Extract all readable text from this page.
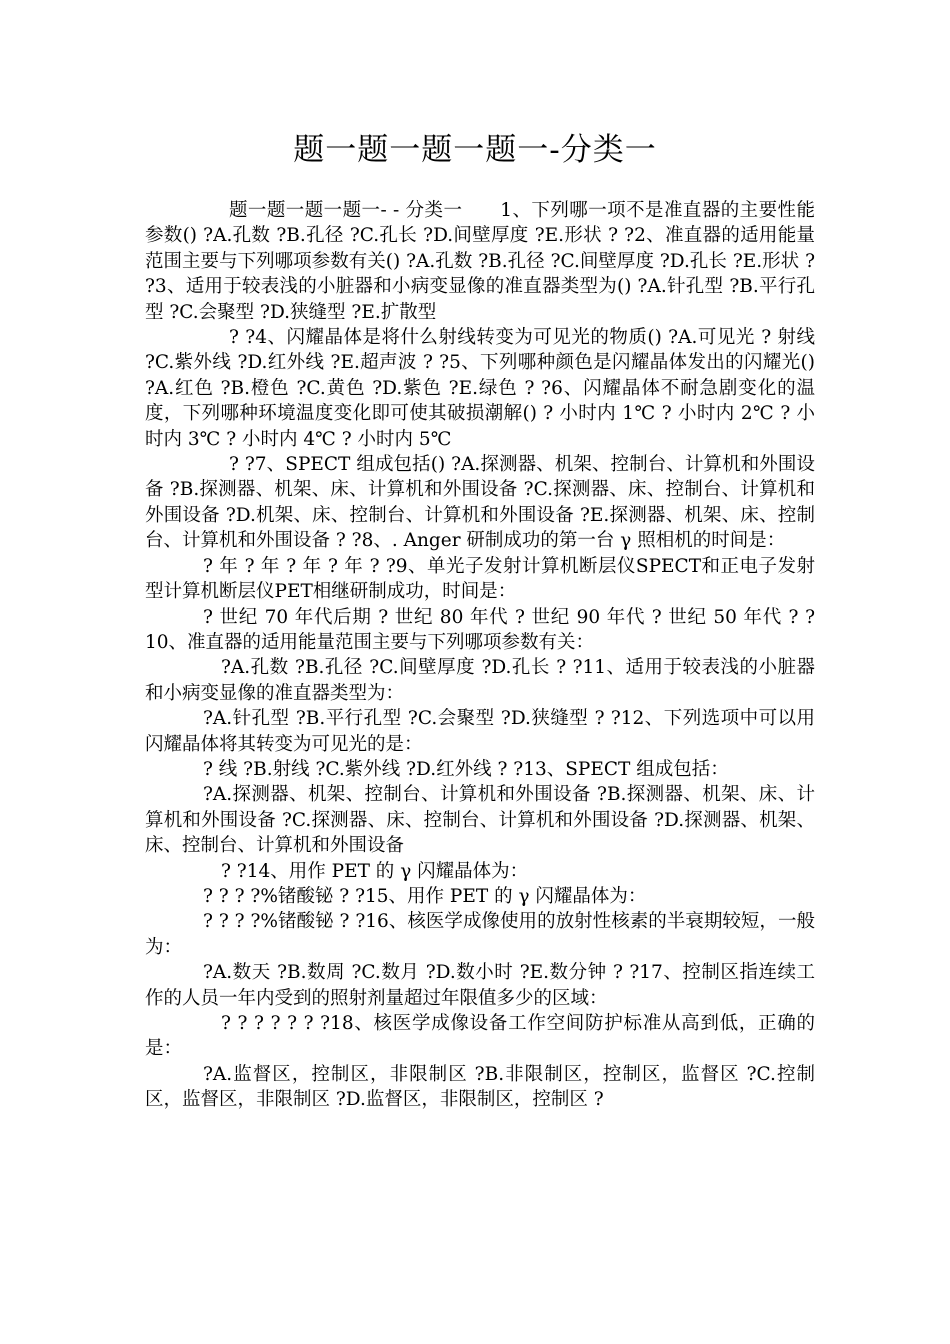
题一题一题一题一-分类一

题一题一题一题一- - 分类一　　1、下列哪一项不是准直器的主要性能参数() ?A.孔数 ?B.孔径 ?C.孔长 ?D.间壁厚度 ?E.形状 ? ?2、准直器的适用能量范围主要与下列哪项参数有关() ?A.孔数 ?B.孔径 ?C.间壁厚度 ?D.孔长 ?E.形状 ? ?3、适用于较表浅的小脏器和小病变显像的准直器类型为() ?A.针孔型 ?B.平行孔型 ?C.会聚型 ?D.狭缝型 ?E.扩散型

? ?4、闪耀晶体是将什么射线转变为可见光的物质() ?A.可见光 ? 射线 ?C.紫外线 ?D.红外线 ?E.超声波 ? ?5、下列哪种颜色是闪耀晶体发出的闪耀光() ?A.红色 ?B.橙色 ?C.黄色 ?D.紫色 ?E.绿色 ? ?6、闪耀晶体不耐急剧变化的温度，下列哪种环境温度变化即可使其破损潮解() ? 小时内 1℃ ? 小时内 2℃ ? 小时内 3℃ ? 小时内 4℃ ? 小时内 5℃

? ?7、SPECT 组成包括() ?A.探测器、机架、控制台、计算机和外围设备 ?B.探测器、机架、床、计算机和外围设备 ?C.探测器、床、控制台、计算机和外围设备 ?D.机架、床、控制台、计算机和外围设备 ?E.探测器、机架、床、控制台、计算机和外围设备 ? ?8、. Anger 研制成功的第一台 γ 照相机的时间是：

? 年 ? 年 ? 年 ? 年 ? ?9、单光子发射计算机断层仪SPECT和正电子发射型计算机断层仪PET相继研制成功，时间是：

? 世纪 70 年代后期 ? 世纪 80 年代 ? 世纪 90 年代 ? 世纪 50 年代 ? ?10、准直器的适用能量范围主要与下列哪项参数有关：

?A.孔数 ?B.孔径 ?C.间壁厚度 ?D.孔长 ? ?11、适用于较表浅的小脏器和小病变显像的准直器类型为：

?A.针孔型 ?B.平行孔型 ?C.会聚型 ?D.狭缝型 ? ?12、下列选项中可以用闪耀晶体将其转变为可见光的是：

? 线 ?B.射线 ?C.紫外线 ?D.红外线 ? ?13、SPECT 组成包括：

?A.探测器、机架、控制台、计算机和外围设备 ?B.探测器、机架、床、计算机和外围设备 ?C.探测器、床、控制台、计算机和外围设备 ?D.探测器、机架、床、控制台、计算机和外围设备

? ?14、用作 PET 的 γ 闪耀晶体为：

? ? ? ?%锗酸铋 ? ?15、用作 PET 的 γ 闪耀晶体为：

? ? ? ?%锗酸铋 ? ?16、核医学成像使用的放射性核素的半衰期较短，一般为：

?A.数天 ?B.数周 ?C.数月 ?D.数小时 ?E.数分钟 ? ?17、控制区指连续工作的人员一年内受到的照射剂量超过年限值多少的区域：

? ? ? ? ? ? ?18、核医学成像设备工作空间防护标准从高到低，正确的是：

?A.监督区，控制区，非限制区 ?B.非限制区，控制区，监督区 ?C.控制区，监督区，非限制区 ?D.监督区，非限制区，控制区 ?
